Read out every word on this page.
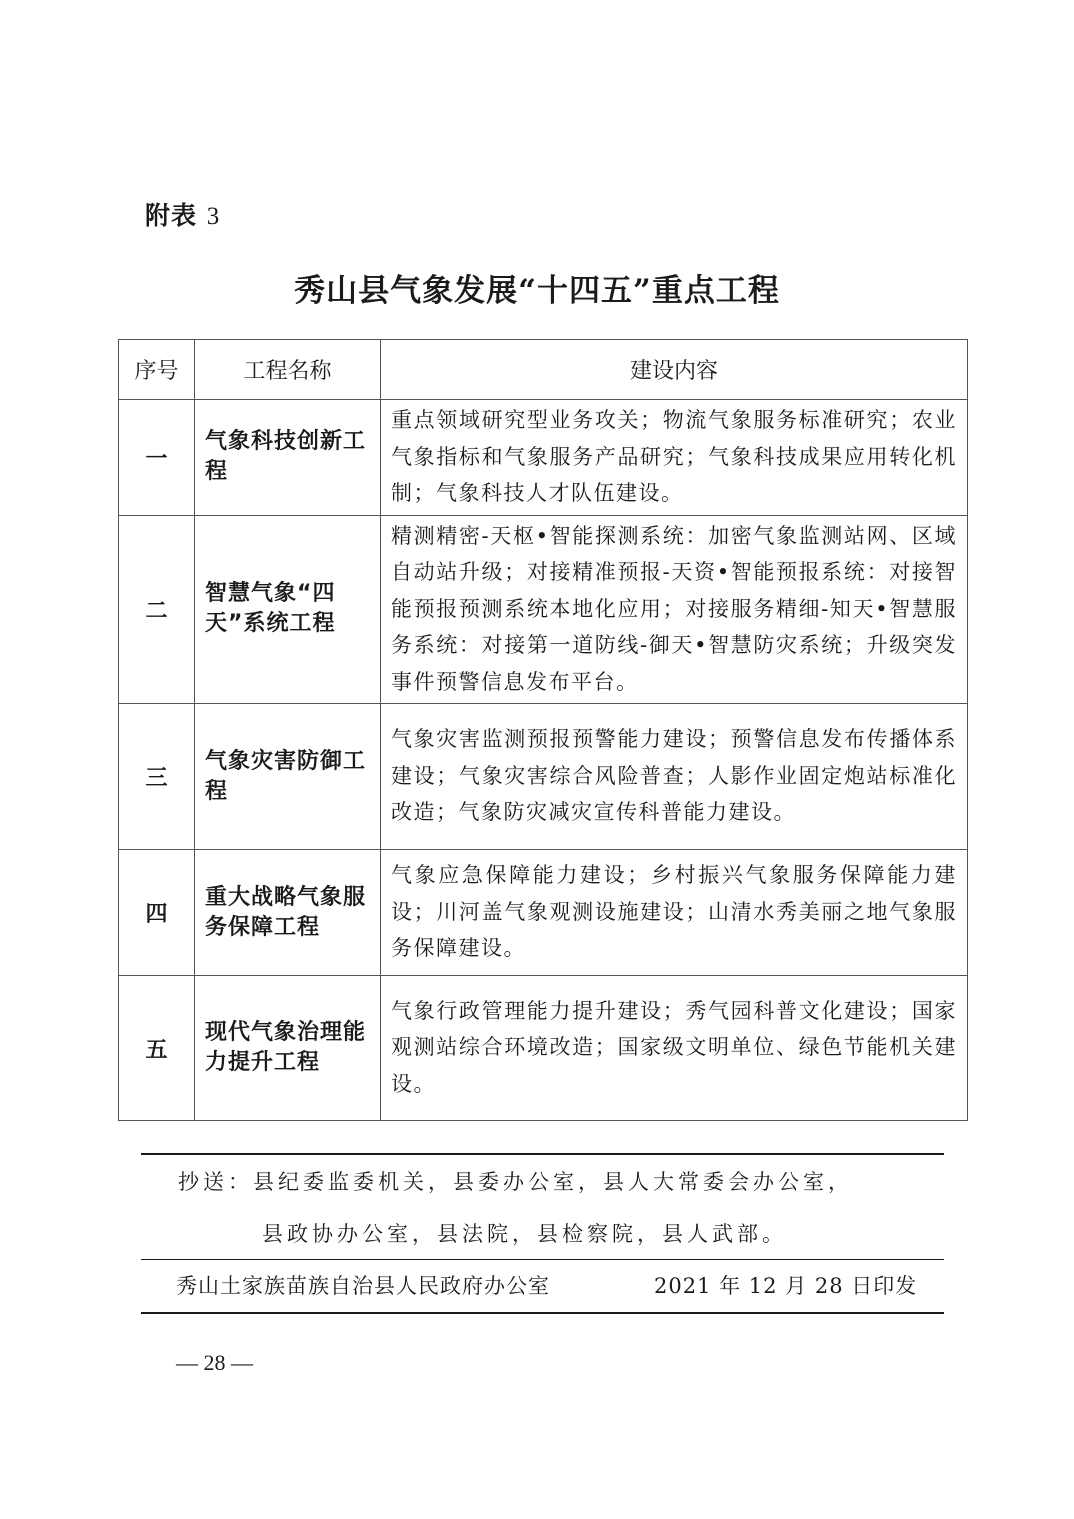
附表 3
秀山县气象发展“十四五”重点工程
序号	工程名称	建设内容
一	气象科技创新工程	重点领域研究型业务攻关；物流气象服务标准研究；农业气象指标和气象服务产品研究；气象科技成果应用转化机制；气象科技人才队伍建设。
二	智慧气象“四天”系统工程	精测精密-天枢•智能探测系统：加密气象监测站网、区域自动站升级；对接精准预报-天资•智能预报系统：对接智能预报预测系统本地化应用；对接服务精细-知天•智慧服务系统：对接第一道防线-御天•智慧防灾系统；升级突发事件预警信息发布平台。
三	气象灾害防御工程	气象灾害监测预报预警能力建设；预警信息发布传播体系建设；气象灾害综合风险普查；人影作业固定炮站标准化改造；气象防灾减灾宣传科普能力建设。
四	重大战略气象服务保障工程	气象应急保障能力建设；乡村振兴气象服务保障能力建设；川河盖气象观测设施建设；山清水秀美丽之地气象服务保障建设。
五	现代气象治理能力提升工程	气象行政管理能力提升建设；秀气园科普文化建设；国家观测站综合环境改造；国家级文明单位、绿色节能机关建设。
抄送：县纪委监委机关，县委办公室，县人大常委会办公室，
县政协办公室，县法院，县检察院，县人武部。
秀山土家族苗族自治县人民政府办公室	2021 年 12 月 28 日印发
— 28 —
